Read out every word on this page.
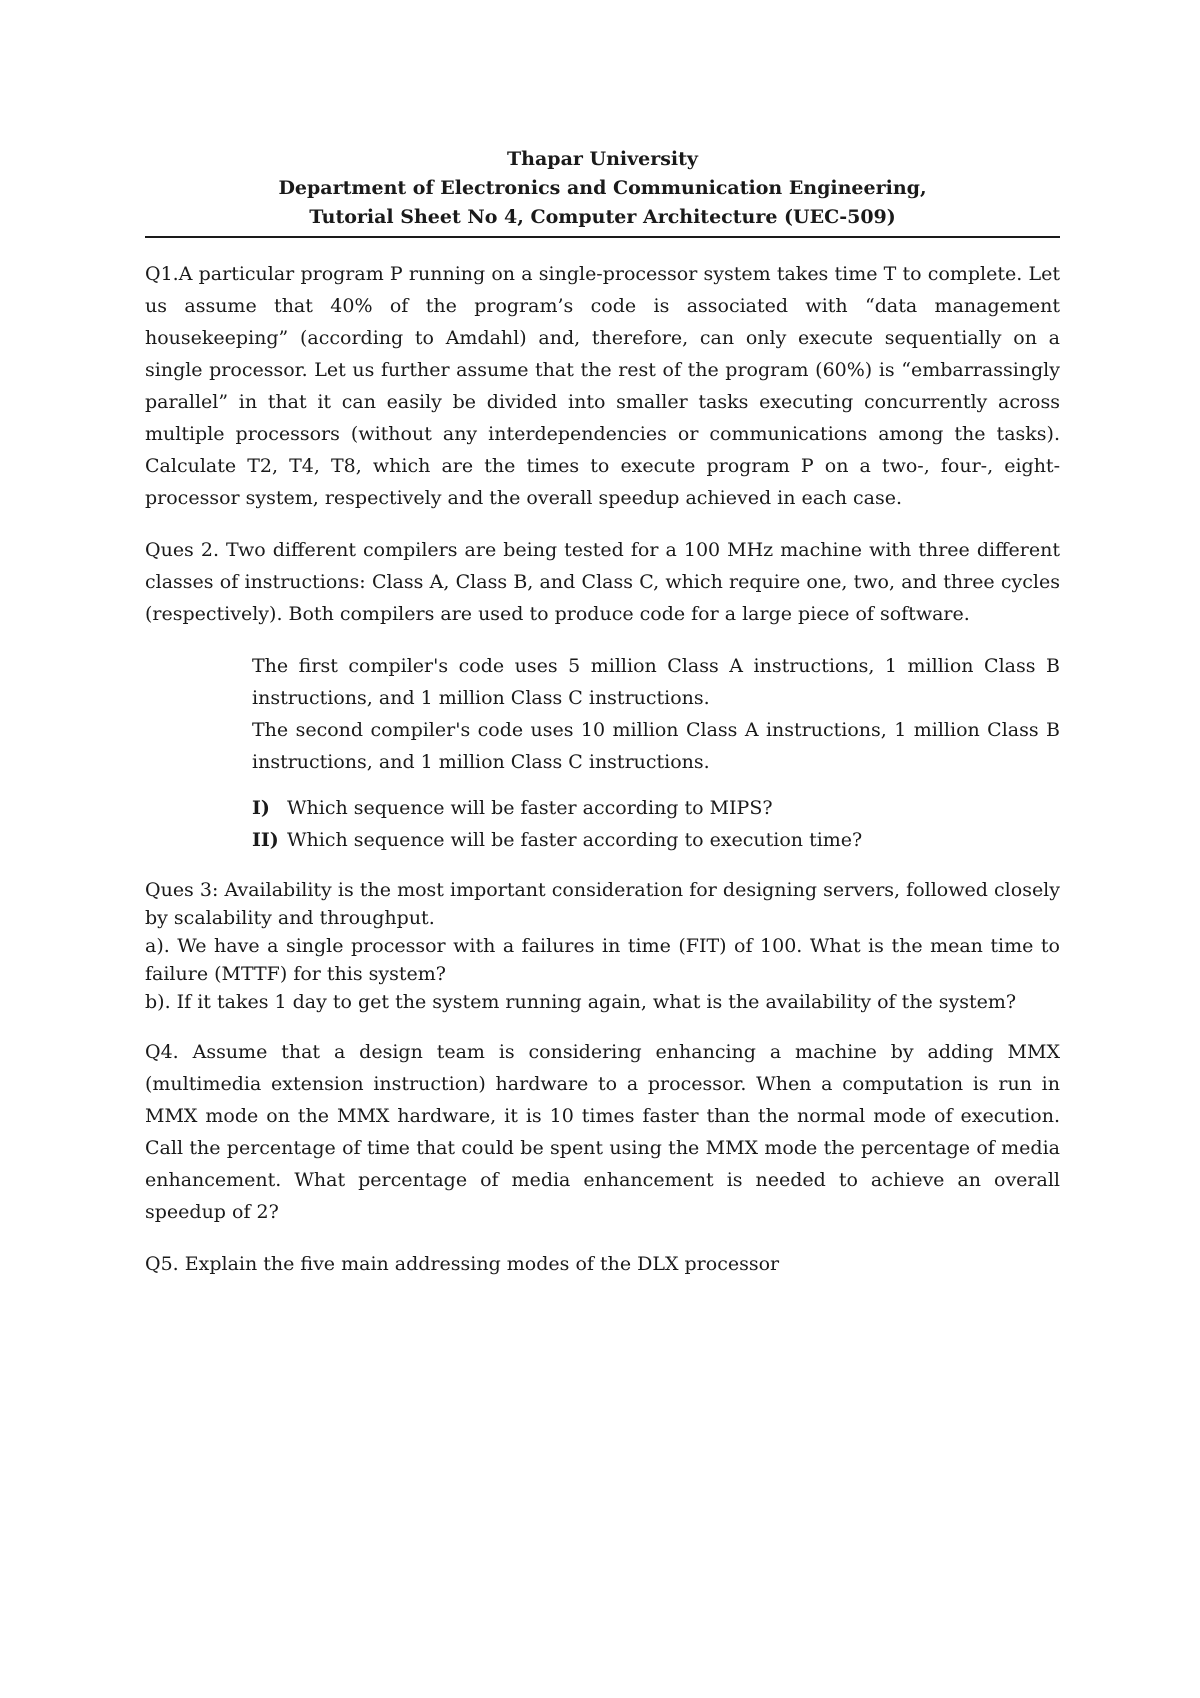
Thapar University
Department of Electronics and Communication Engineering,
Tutorial Sheet No 4, Computer Architecture (UEC-509)

Q1.A particular program P running on a single-processor system takes time T to complete. Let us assume that 40% of the program’s code is associated with “data management housekeeping” (according to Amdahl) and, therefore, can only execute sequentially on a single processor. Let us further assume that the rest of the program (60%) is “embarrassingly parallel” in that it can easily be divided into smaller tasks executing concurrently across multiple processors (without any interdependencies or communications among the tasks). Calculate T2, T4, T8, which are the times to execute program P on a two-, four-, eight-processor system, respectively and the overall speedup achieved in each case.

Ques 2. Two different compilers are being tested for a 100 MHz machine with three different classes of instructions: Class A, Class B, and Class C, which require one, two, and three cycles (respectively). Both compilers are used to produce code for a large piece of software.

The first compiler's code uses 5 million Class A instructions, 1 million Class B instructions, and 1 million Class C instructions.

The second compiler's code uses 10 million Class A instructions, 1 million Class B instructions, and 1 million Class C instructions.

I) Which sequence will be faster according to MIPS?
II) Which sequence will be faster according to execution time?

Ques 3: Availability is the most important consideration for designing servers, followed closely by scalability and throughput.

a). We have a single processor with a failures in time (FIT) of 100. What is the mean time to failure (MTTF) for this system?

b). If it takes 1 day to get the system running again, what is the availability of the system?

Q4. Assume that a design team is considering enhancing a machine by adding MMX (multimedia extension instruction) hardware to a processor. When a computation is run in MMX mode on the MMX hardware, it is 10 times faster than the normal mode of execution. Call the percentage of time that could be spent using the MMX mode the percentage of media enhancement. What percentage of media enhancement is needed to achieve an overall speedup of 2?

Q5. Explain the five main addressing modes of the DLX processor
